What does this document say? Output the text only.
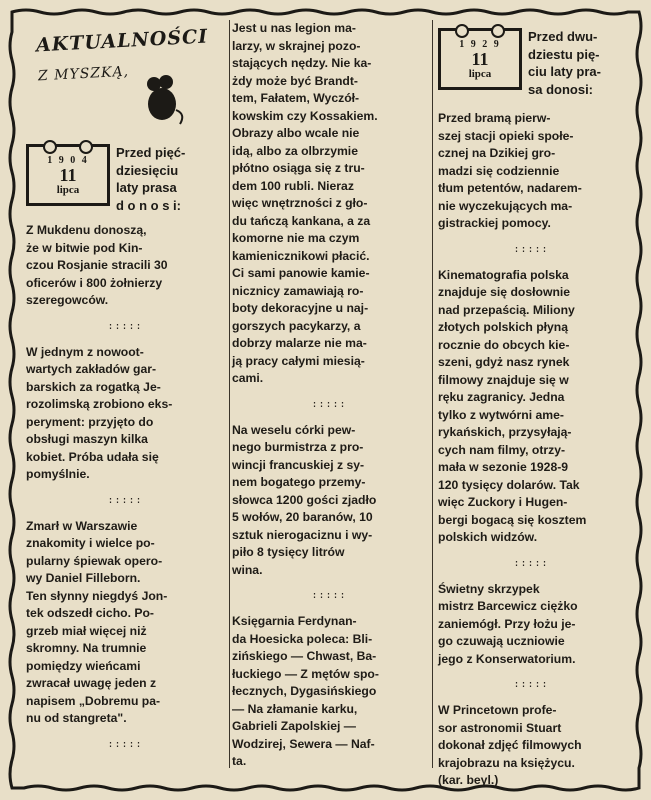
AKTUALNOŚCI
Z MYSZKĄ,
1 9 0 4
11
lipca
Przed pięć-
dziesięciu
laty prasa
d o n o s i:

Z Mukdenu donoszą,
że w bitwie pod Kin-
czou Rosjanie stracili 30
oficerów i 800 żołnierzy
szeregowców.

:::::

W jednym z nowoot-
wartych zakładów gar-
barskich za rogatką Je-
rozolimską zrobiono eks-
peryment: przyjęto do
obsługi maszyn kilka
kobiet. Próba udała się
pomyślnie.

:::::

Zmarł w Warszawie
znakomity i wielce po-
pularny śpiewak opero-
wy Daniel Filleborn.
Ten słynny niegdyś Jon-
tek odszedł cicho. Po-
grzeb miał więcej niż
skromny. Na trumnie
pomiędzy wieńcami
zwracał uwagę jeden z
napisem „Dobremu pa-
nu od stangreta".

:::::

Jest u nas legion ma-
larzy, w skrajnej pozo-
stających nędzy. Nie ka-
żdy może być Brandt-
tem, Fałatem, Wyczół-
kowskim czy Kossakiem.
Obrazy albo wcale nie
idą, albo za olbrzymie
płótno osiąga się z tru-
dem 100 rubli. Nieraz
więc wnętrzności z gło-
du tańczą kankana, a za
komorne nie ma czym
kamienicznikowi płacić.
Ci sami panowie kamie-
nicznicy zamawiają ro-
boty dekoracyjne u naj-
gorszych pacykarzy, a
dobrzy malarze nie ma-
ją pracy całymi miesią-
cami.

:::::

Na weselu córki pew-
nego burmistrza z pro-
wincji francuskiej z sy-
nem bogatego przemy-
słowca 1200 gości zjadło
5 wołów, 20 baranów, 10
sztuk nierogaciznu i wy-
piło 8 tysięcy litrów
wina.

:::::

Księgarnia Ferdynan-
da Hoesicka poleca: Bli-
zińskiego — Chwast, Ba-
łuckiego — Z mętów spo-
łecznych, Dygasińskiego
— Na złamanie karku,
Gabrieli Zapolskiej —
Wodzirej, Sewera — Naf-
ta.

1 9 2 9
11
lipca
Przed dwu-
dziestu pię-
ciu laty pra-
sa donosi:

Przed bramą pierw-
szej stacji opieki społe-
cznej na Dzikiej gro-
madzi się codziennie
tłum petentów, nadarem-
nie wyczekujących ma-
gistrackiej pomocy.

:::::

Kinematografia polska
znajduje się dosłownie
nad przepaścią. Miliony
złotych polskich płyną
rocznie do obcych kie-
szeni, gdyż nasz rynek
filmowy znajduje się w
ręku zagranicy. Jedna
tylko z wytwórni ame-
rykańskich, przysyłają-
cych nam filmy, otrzy-
mała w sezonie 1928-9
120 tysięcy dolarów. Tak
więc Zuckory i Hugen-
bergi bogacą się kosztem
polskich widzów.

:::::

Świetny skrzypek
mistrz Barcewicz ciężko
zaniemógł. Przy łożu je-
go czuwają uczniowie
jego z Konserwatorium.

:::::

W Princetown profe-
sor astronomii Stuart
dokonał zdjęć filmowych
krajobrazu na księżycu.
(kar. beyl.)
